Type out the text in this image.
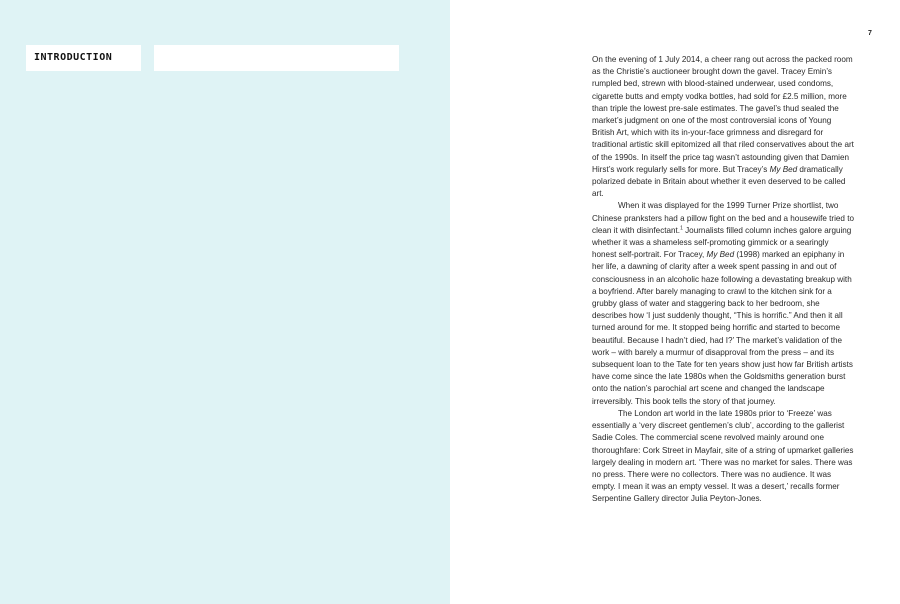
INTRODUCTION
7

On the evening of 1 July 2014, a cheer rang out across the packed room as the Christie’s auctioneer brought down the gavel. Tracey Emin’s rumpled bed, strewn with blood-stained underwear, used condoms, cigarette butts and empty vodka bottles, had sold for £2.5 million, more than triple the lowest pre-sale estimates. The gavel’s thud sealed the market’s judgment on one of the most controversial icons of Young British Art, which with its in-your-face grimness and disregard for traditional artistic skill epitomized all that riled conservatives about the art of the 1990s. In itself the price tag wasn’t astounding given that Damien Hirst’s work regularly sells for more. But Tracey’s My Bed dramatically polarized debate in Britain about whether it even deserved to be called art.

When it was displayed for the 1999 Turner Prize shortlist, two Chinese pranksters had a pillow fight on the bed and a housewife tried to clean it with disinfectant.$^1$ Journalists filled column inches galore arguing whether it was a shameless self-promoting gimmick or a searingly honest self-portrait. For Tracey, My Bed (1998) marked an epiphany in her life, a dawning of clarity after a week spent passing in and out of consciousness in an alcoholic haze following a devastating breakup with a boyfriend. After barely managing to crawl to the kitchen sink for a grubby glass of water and staggering back to her bedroom, she describes how ‘I just suddenly thought, “This is horrific.” And then it all turned around for me. It stopped being horrific and started to become beautiful. Because I hadn’t died, had I?’ The market’s validation of the work – with barely a murmur of disapproval from the press – and its subsequent loan to the Tate for ten years show just how far British artists have come since the late 1980s when the Goldsmiths generation burst onto the nation’s parochial art scene and changed the landscape irreversibly. This book tells the story of that journey.

The London art world in the late 1980s prior to ‘Freeze’ was essentially a ‘very discreet gentlemen’s club’, according to the gallerist Sadie Coles. The commercial scene revolved mainly around one thoroughfare: Cork Street in Mayfair, site of a string of upmarket galleries largely dealing in modern art. ‘There was no market for sales. There was no press. There were no collectors. There was no audience. It was empty. I mean it was an empty vessel. It was a desert,’ recalls former Serpentine Gallery director Julia Peyton-Jones.
